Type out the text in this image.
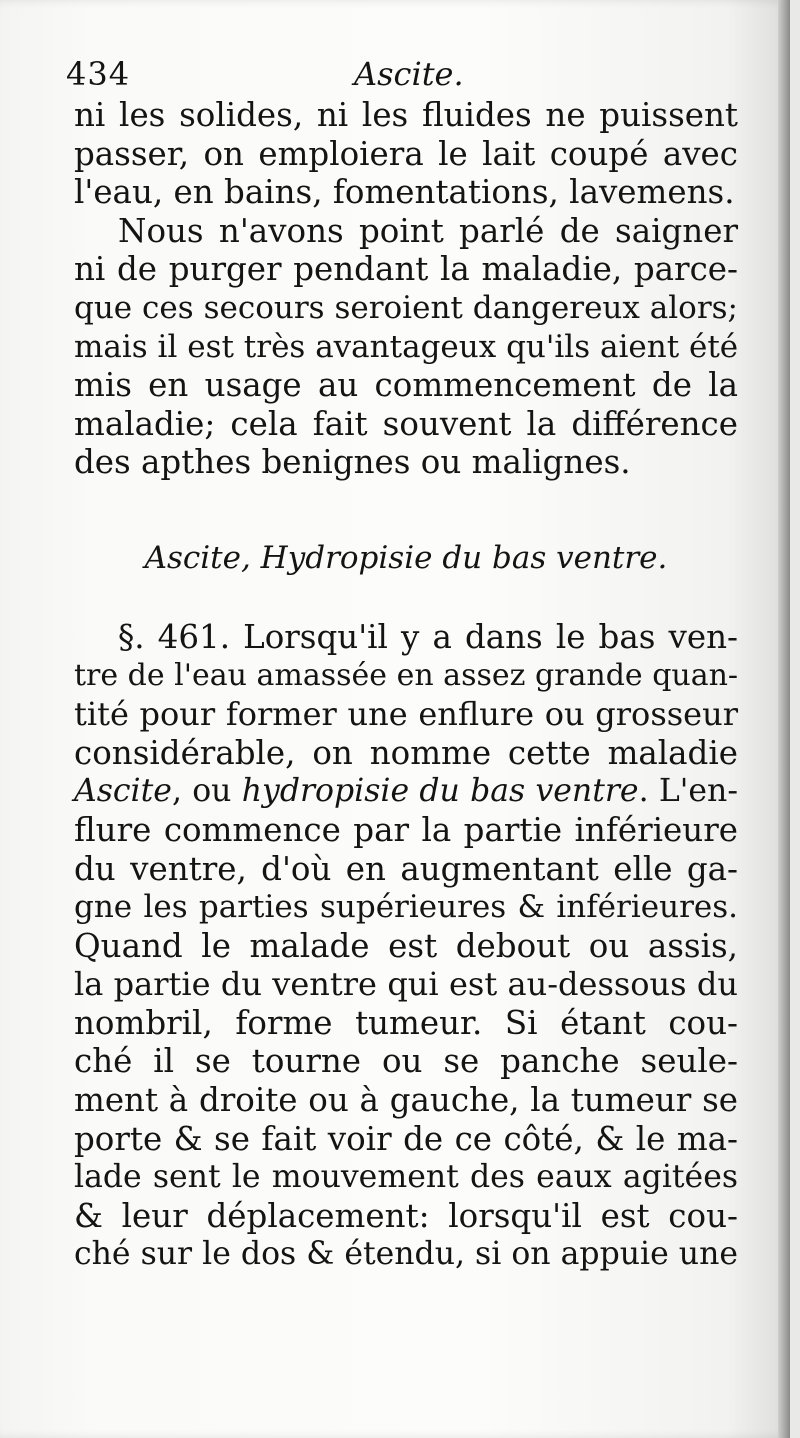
434	Ascite.
ni les solides, ni les fluides ne puissent
passer, on emploiera le lait coupé avec
l'eau, en bains, fomentations, lavemens.
Nous n'avons point parlé de saigner
ni de purger pendant la maladie, parce-
que ces secours seroient dangereux alors;
mais il est très avantageux qu'ils aient été
mis en usage au commencement de la
maladie; cela fait souvent la différence
des apthes benignes ou malignes.
Ascite, Hydropisie du bas ventre.
§. 461. Lorsqu'il y a dans le bas ven-
tre de l'eau amassée en assez grande quan-
tité pour former une enflure ou grosseur
considérable, on nomme cette maladie
Ascite, ou hydropisie du bas ventre. L'en-
flure commence par la partie inférieure
du ventre, d'où en augmentant elle ga-
gne les parties supérieures & inférieures.
Quand le malade est debout ou assis,
la partie du ventre qui est au-dessous du
nombril, forme tumeur. Si étant cou-
ché il se tourne ou se panche seule-
ment à droite ou à gauche, la tumeur se
porte & se fait voir de ce côté, & le ma-
lade sent le mouvement des eaux agitées
& leur déplacement: lorsqu'il est cou-
ché sur le dos & étendu, si on appuie une
